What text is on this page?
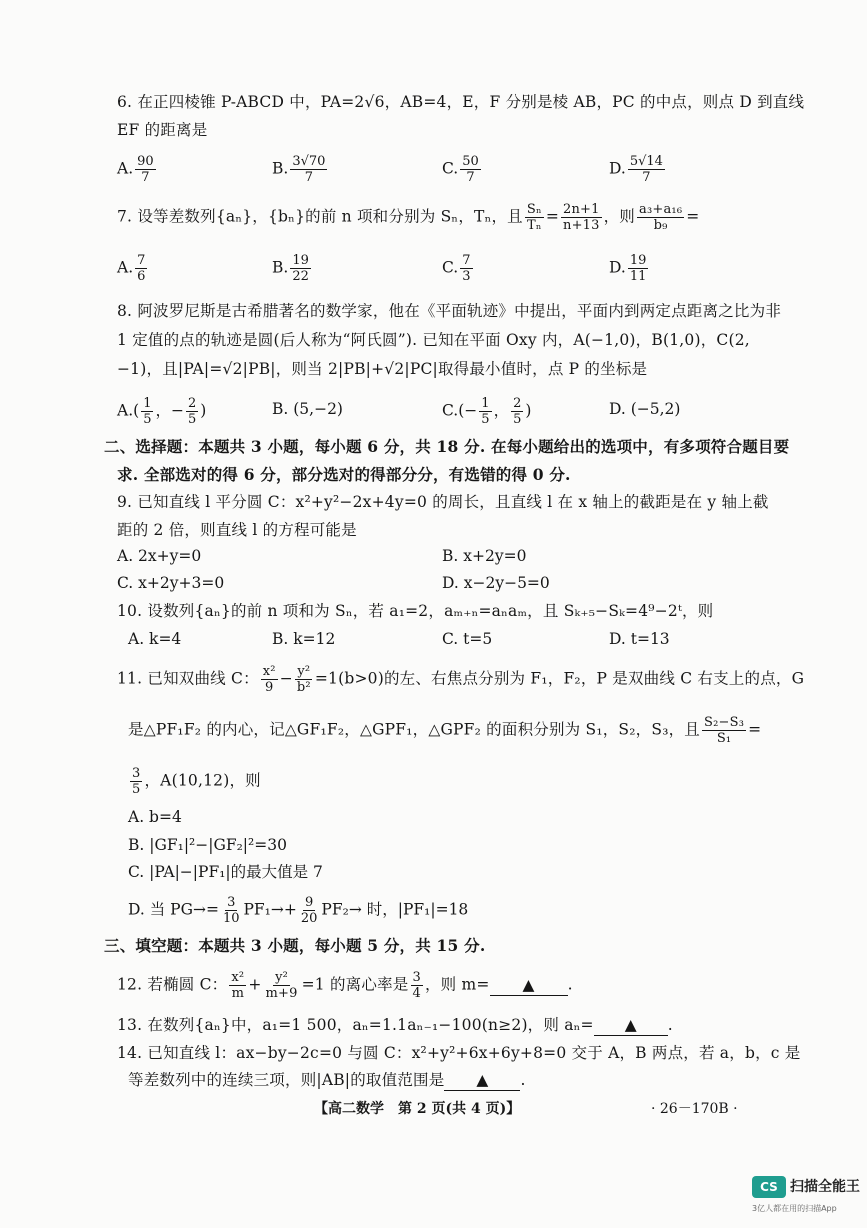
6. 在正四棱锥 P-ABCD 中，PA=2√6，AB=4，E，F 分别是棱 AB，PC 的中点，则点 D 到直线
EF 的距离是
A. $\frac{90}{7}$	B. $\frac{3√70}{7}$	C. $\frac{50}{7}$	D. $\frac{5√14}{7}$
7. 设等差数列{aₙ}，{bₙ}的前 n 项和分别为 Sₙ，Tₙ，且 $\frac{\text{Sₙ}}{\text{Tₙ}} = \frac{2n+1}{n+13}$ ，则 $\frac{\text{a₃+a₁₆}}{\text{b₉}}$ =
A. $\frac{7}{6}$	B. $\frac{19}{22}$	C. $\frac{7}{3}$	D. $\frac{19}{11}$
8. 阿波罗尼斯是古希腊著名的数学家，他在《平面轨迹》中提出，平面内到两定点距离之比为非
1 定值的点的轨迹是圆(后人称为“阿氏圆”). 已知在平面 Oxy 内，A(−1,0)，B(1,0)，C(2,
−1)，且|PA|=√2|PB|，则当 2|PB|+√2|PC|取得最小值时，点 P 的坐标是
$A.( \frac{1}{5}$ ，− $\frac{2}{5}$ )	B. (5,−2)	$C.(- \frac{1}{5}$ ， $\frac{2}{5}$ )	D. (−5,2)
二、选择题：本题共 3 小题，每小题 6 分，共 18 分. 在每小题给出的选项中，有多项符合题目要
求. 全部选对的得 6 分，部分选对的得部分分，有选错的得 0 分.
9. 已知直线 l 平分圆 C：x²+y²−2x+4y=0 的周长，且直线 l 在 x 轴上的截距是在 y 轴上截
距的 2 倍，则直线 l 的方程可能是
A. 2x+y=0	B. x+2y=0
C. x+2y+3=0	D. x−2y−5=0
10. 设数列{aₙ}的前 n 项和为 Sₙ，若 a₁=2，aₘ₊ₙ=aₙaₘ，且 Sₖ₊₅−Sₖ=4⁹−2ᵗ，则
A. k=4	B. k=12	C. t=5	D. t=13
11. 已知双曲线 C： $\frac{\text{x²}}{9} - \frac{\text{y²}}{\text{b²}} =1(b>0)$的左、右焦点分别为 F₁，F₂，P 是双曲线 C 右支上的点，G
是△PF₁F₂ 的内心，记△GF₁F₂，△GPF₁，△GPF₂ 的面积分别为 S₁，S₂，S₃，且 $\frac{\text{S₂−S₃}}{\text{S₁}}$ =
$\frac{3}{5}$ ，A(10,12)，则
A. b=4
B. |GF₁|²−|GF₂|²=30
C. |PA|−|PF₁|的最大值是 7
D. 当 $PG\to= \frac{3}{10} PF_1\to+ \frac{9}{20} PF_2\to$ 时，|PF₁|=18
三、填空题：本题共 3 小题，每小题 5 分，共 15 分.
12. 若椭圆 C： $\frac{\text{x²}}{m} + \frac{\text{y²}}{m+9} =1$ 的离心率是 $\frac{3}{4}$ ，则 m= ▲ .
13. 在数列{aₙ}中，a₁=1 500，aₙ=1.1aₙ₋₁−100(n≥2)，则 aₙ= ▲ .
14. 已知直线 l：ax−by−2c=0 与圆 C：x²+y²+6x+6y+8=0 交于 A，B 两点，若 a，b，c 是
等差数列中的连续三项，则|AB|的取值范围是 ▲ .
【高二数学　第 2 页(共 4 页)】	· 26－170B ·
CS 扫描全能王
3亿人都在用的扫描App
